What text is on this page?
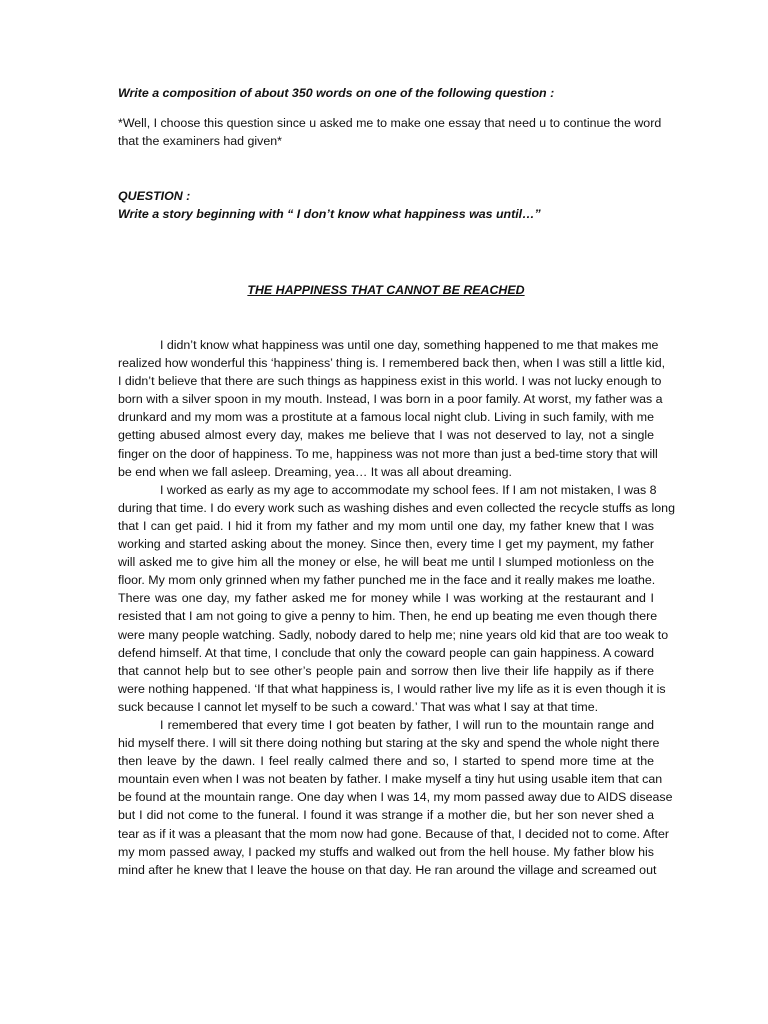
Write a composition of about 350 words on one of the following question :
*Well, I choose this question since u asked me to make one essay that need u to continue the word
that the examiners had given*
QUESTION :
Write a story beginning with “ I don’t know what happiness was until…”
THE HAPPINESS THAT CANNOT BE REACHED
I didn’t know what happiness was until one day, something happened to me that makes me
realized how wonderful this ‘happiness’ thing is. I remembered back then, when I was still a little kid,
I didn’t believe that there are such things as happiness exist in this world. I was not lucky enough to
born with a silver spoon in my mouth. Instead, I was born in a poor family. At worst, my father was a
drunkard and my mom was a prostitute at a famous local night club. Living in such family, with me
getting abused almost every day, makes me believe that I was not deserved to lay, not a single
finger on the door of happiness. To me, happiness was not more than just a bed-time story that will
be end when we fall asleep. Dreaming, yea… It was all about dreaming.
I worked as early as my age to accommodate my school fees. If I am not mistaken, I was 8
during that time. I do every work such as washing dishes and even collected the recycle stuffs as long
that I can get paid. I hid it from my father and my mom until one day, my father knew that I was
working and started asking about the money. Since then, every time I get my payment, my father
will asked me to give him all the money or else, he will beat me until I slumped motionless on the
floor. My mom only grinned when my father punched me in the face and it really makes me loathe.
There was one day, my father asked me for money while I was working at the restaurant and I
resisted that I am not going to give a penny to him. Then, he end up beating me even though there
were many people watching. Sadly, nobody dared to help me; nine years old kid that are too weak to
defend himself. At that time, I conclude that only the coward people can gain happiness. A coward
that cannot help but to see other’s people pain and sorrow then live their life happily as if there
were nothing happened. ‘If that what happiness is, I would rather live my life as it is even though it is
suck because I cannot let myself to be such a coward.’ That was what I say at that time.
I remembered that every time I got beaten by father, I will run to the mountain range and
hid myself there. I will sit there doing nothing but staring at the sky and spend the whole night there
then leave by the dawn. I feel really calmed there and so, I started to spend more time at the
mountain even when I was not beaten by father. I make myself a tiny hut using usable item that can
be found at the mountain range. One day when I was 14, my mom passed away due to AIDS disease
but I did not come to the funeral. I found it was strange if a mother die, but her son never shed a
tear as if it was a pleasant that the mom now had gone. Because of that, I decided not to come. After
my mom passed away, I packed my stuffs and walked out from the hell house. My father blow his
mind after he knew that I leave the house on that day. He ran around the village and screamed out
